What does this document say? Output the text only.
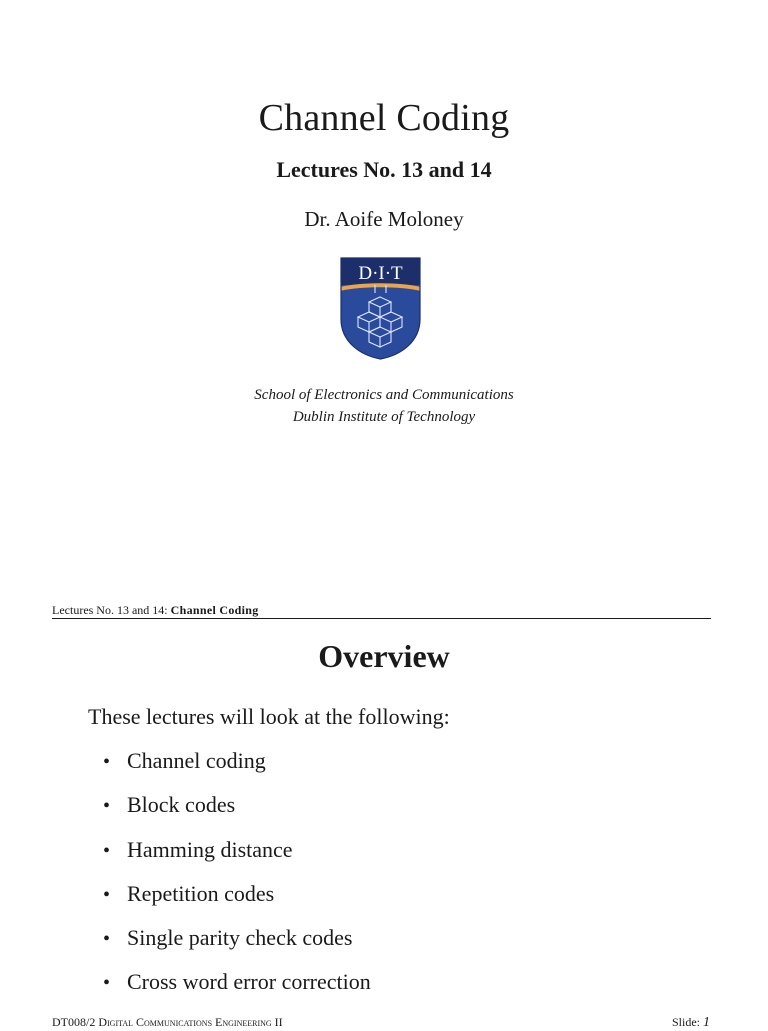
Channel Coding
Lectures No. 13 and 14
Dr. Aoife Moloney
D·I·T
School of Electronics and Communications
Dublin Institute of Technology
Lectures No. 13 and 14: Channel Coding
Overview
These lectures will look at the following:
• Channel coding
• Block codes
• Hamming distance
• Repetition codes
• Single parity check codes
• Cross word error correction
DT008/2 Digital Communications Engineering II	Slide: 1
